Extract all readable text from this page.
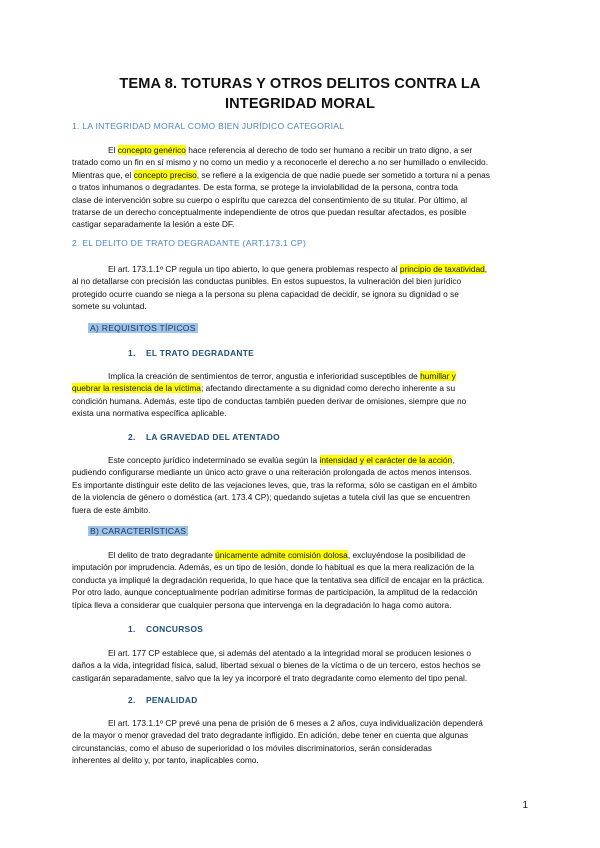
TEMA 8. TOTURAS Y OTROS DELITOS CONTRA LA
INTEGRIDAD MORAL
1. LA INTEGRIDAD MORAL COMO BIEN JURÍDICO CATEGORIAL
El concepto genérico hace referencia al derecho de todo ser humano a recibir un trato digno, a ser
tratado como un fin en sí mismo y no como un medio y a reconocerle el derecho a no ser humillado o envilecido.
Mientras que, el concepto preciso, se refiere a la exigencia de que nadie puede ser sometido a tortura ni a penas
o tratos inhumanos o degradantes. De esta forma, se protege la inviolabilidad de la persona, contra toda
clase de intervención sobre su cuerpo o espíritu que carezca del consentimiento de su titular. Por último, al
tratarse de un derecho conceptualmente independiente de otros que puedan resultar afectados, es posible
castigar separadamente la lesión a este DF.
2. EL DELITO DE TRATO DEGRADANTE (ART.173.1 CP)
El art. 173.1.1º CP regula un tipo abierto, lo que genera problemas respecto al principio de taxatividad,
al no detallarse con precisión las conductas punibles. En estos supuestos, la vulneración del bien jurídico
protegido ocurre cuando se niega a la persona su plena capacidad de decidir, se ignora su dignidad o se
somete su voluntad.
A) REQUISITOS TÍPICOS
1. EL TRATO DEGRADANTE
Implica la creación de sentimientos de terror, angustia e inferioridad susceptibles de humillar y
quebrar la resistencia de la víctima; afectando directamente a su dignidad como derecho inherente a su
condición humana. Además, este tipo de conductas también pueden derivar de omisiones, siempre que no
exista una normativa específica aplicable.
2. LA GRAVEDAD DEL ATENTADO
Este concepto jurídico indeterminado se evalúa según la intensidad y el carácter de la acción,
pudiendo configurarse mediante un único acto grave o una reiteración prolongada de actos menos intensos.
Es importante distinguir este delito de las vejaciones leves, que, tras la reforma, sólo se castigan en el ámbito
de la violencia de género o doméstica (art. 173.4 CP); quedando sujetas a tutela civil las que se encuentren
fuera de este ámbito.
B) CARACTERÍSTICAS
El delito de trato degradante únicamente admite comisión dolosa, excluyéndose la posibilidad de
imputación por imprudencia. Además, es un tipo de lesión, donde lo habitual es que la mera realización de la
conducta ya impliqué la degradación requerida, lo que hace que la tentativa sea difícil de encajar en la práctica.
Por otro lado, aunque conceptualmente podrían admitirse formas de participación, la amplitud de la redacción
típica lleva a considerar que cualquier persona que intervenga en la degradación lo haga como autora.
1. CONCURSOS
El art. 177 CP establece que, si además del atentado a la integridad moral se producen lesiones o
daños a la vida, integridad física, salud, libertad sexual o bienes de la víctima o de un tercero, estos hechos se
castigarán separadamente, salvo que la ley ya incorporé el trato degradante como elemento del tipo penal.
2. PENALIDAD
El art. 173.1.1º CP prevé una pena de prisión de 6 meses a 2 años, cuya individualización dependerá
de la mayor o menor gravedad del trato degradante infligido. En adición, debe tener en cuenta que algunas
circunstancias, como el abuso de superioridad o los móviles discriminatorios, serán consideradas
inherentes al delito y, por tanto, inaplicables como.
1
